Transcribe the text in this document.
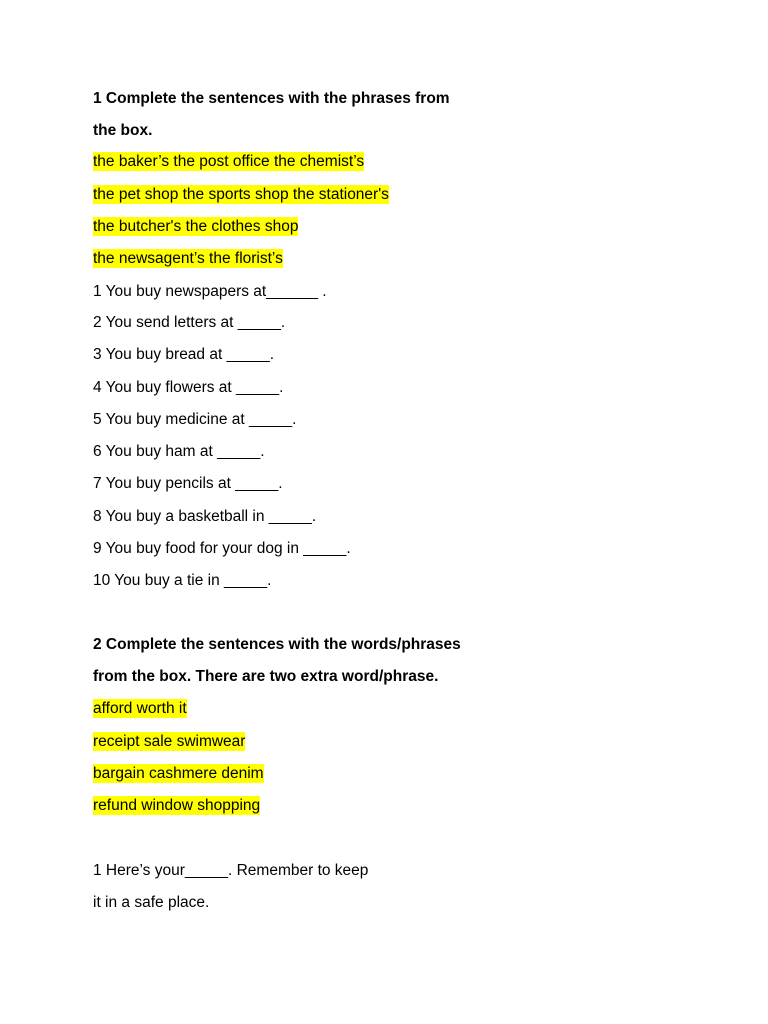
1 Complete the sentences with the phrases from
the box.
the baker’s the post office the chemist’s
the pet shop the sports shop the stationer's
the butcher's the clothes shop
the newsagent’s the florist’s
1 You buy newspapers at______ .
2 You send letters at _____.
3 You buy bread at _____.
4 You buy flowers at _____.
5 You buy medicine at _____.
6 You buy ham at _____.
7 You buy pencils at _____.
8 You buy a basketball in _____.
9 You buy food for your dog in _____.
10 You buy a tie in _____.
2 Complete the sentences with the words/phrases
from the box. There are two extra word/phrase.
afford worth it
receipt sale swimwear
bargain cashmere denim
refund window shopping
1 Here’s your_____. Remember to keep
it in a safe place.
